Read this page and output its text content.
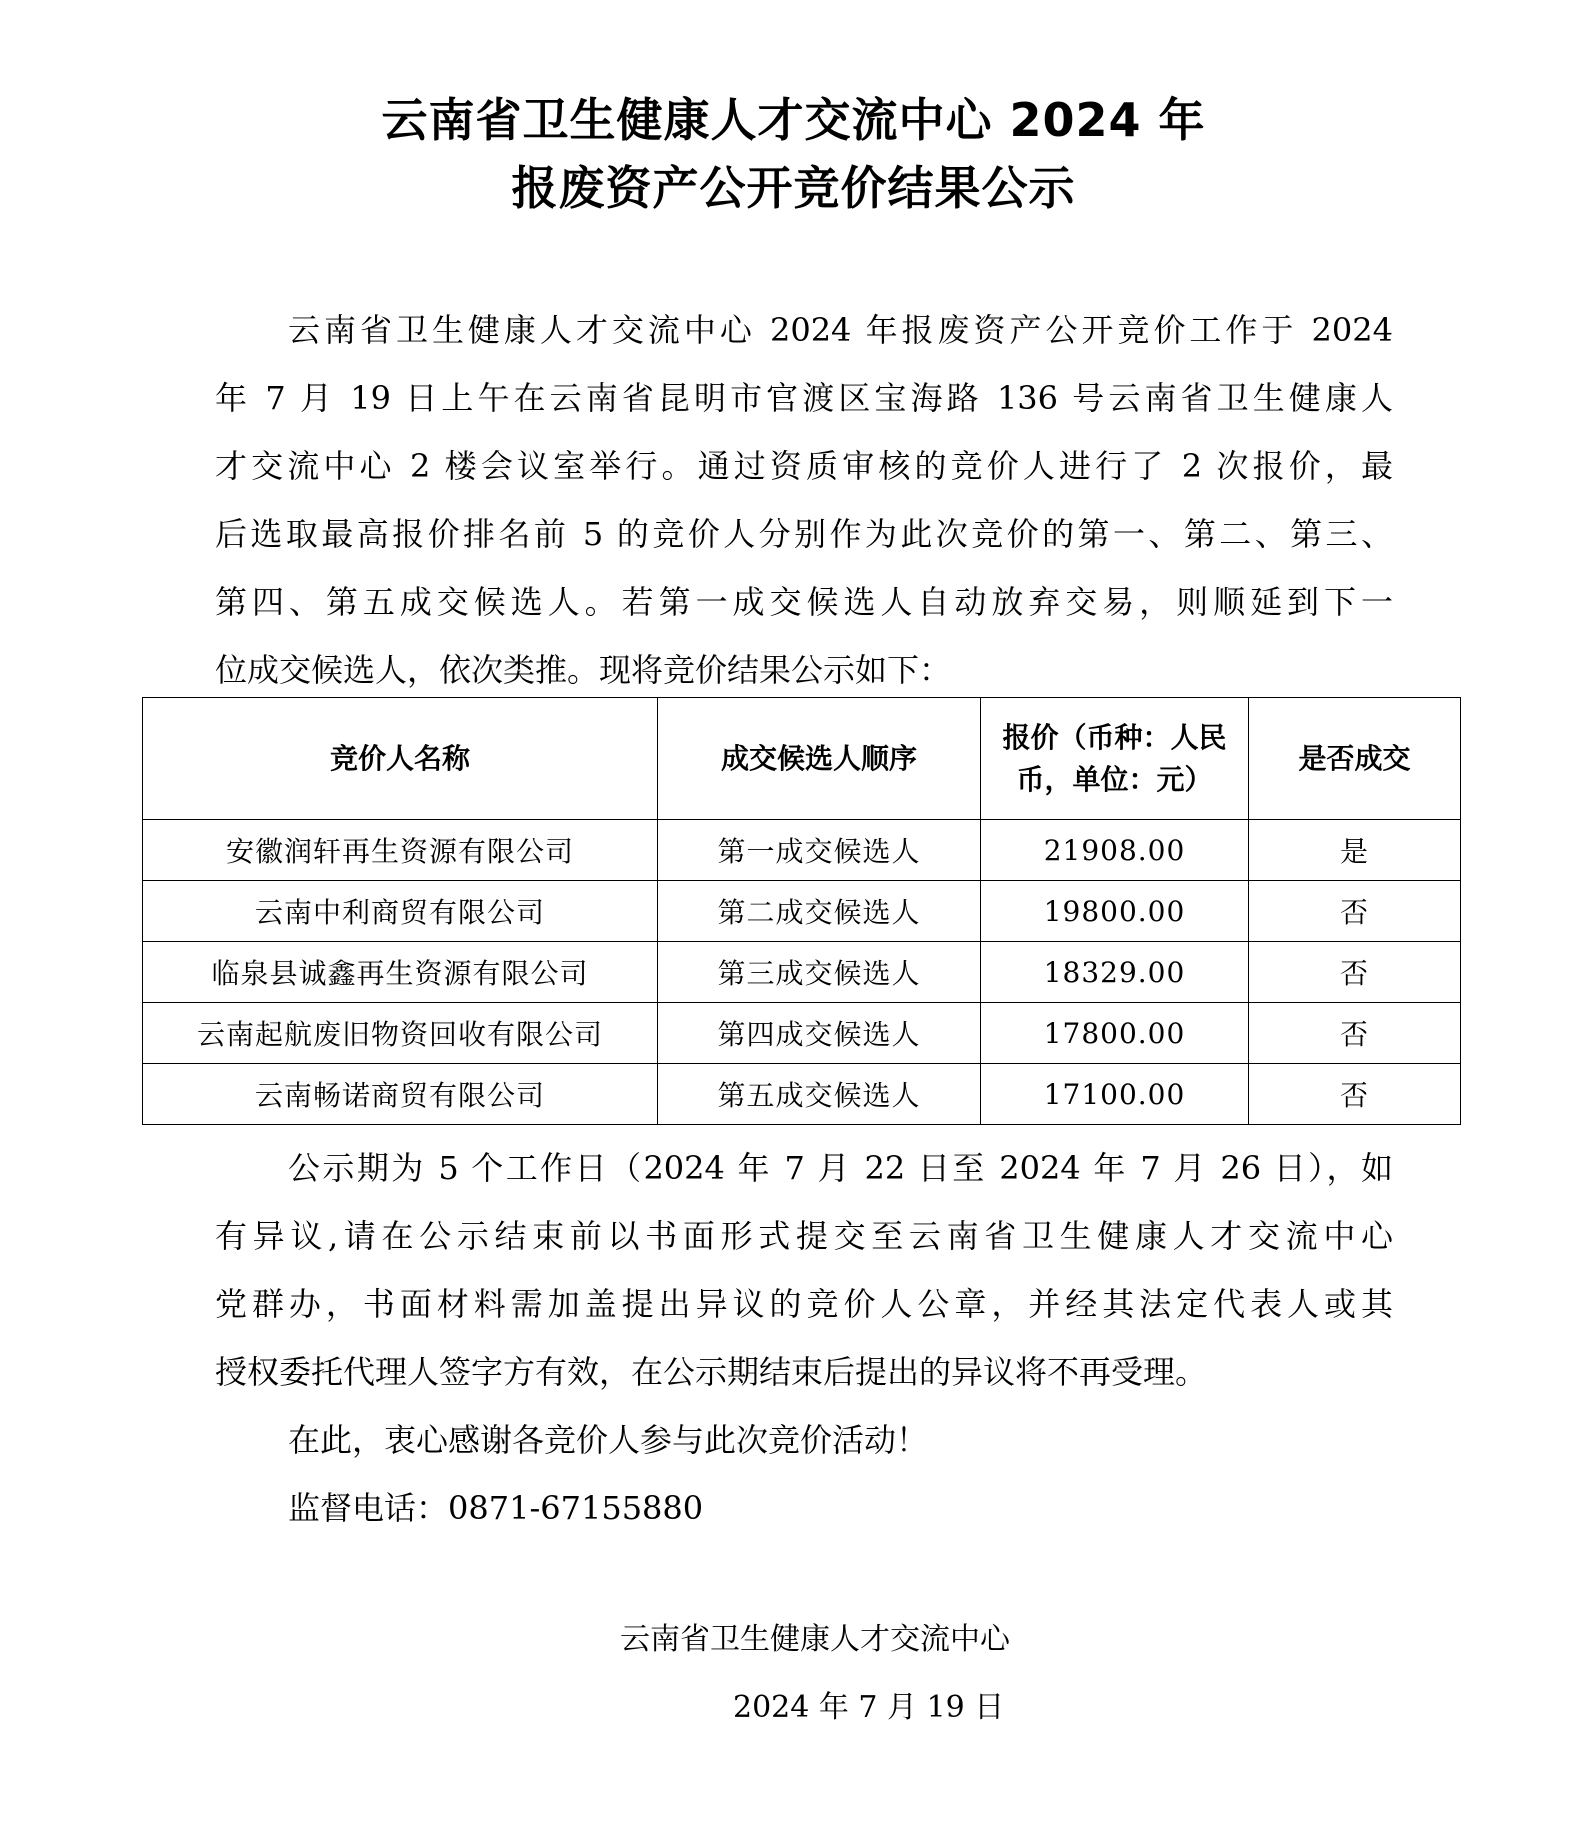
云南省卫生健康人才交流中心 2024 年
报废资产公开竞价结果公示
云南省卫生健康人才交流中心 2024 年报废资产公开竞价工作于 2024
年 7 月 19 日上午在云南省昆明市官渡区宝海路 136 号云南省卫生健康人
才交流中心 2 楼会议室举行。通过资质审核的竞价人进行了 2 次报价，最
后选取最高报价排名前 5 的竞价人分别作为此次竞价的第一、第二、第三、
第四、第五成交候选人。若第一成交候选人自动放弃交易，则顺延到下一
位成交候选人，依次类推。现将竞价结果公示如下：
竞价人名称	成交候选人顺序	报价（币种：人民币，单位：元）	是否成交
安徽润轩再生资源有限公司	第一成交候选人	21908.00	是
云南中利商贸有限公司	第二成交候选人	19800.00	否
临泉县诚鑫再生资源有限公司	第三成交候选人	18329.00	否
云南起航废旧物资回收有限公司	第四成交候选人	17800.00	否
云南畅诺商贸有限公司	第五成交候选人	17100.00	否
公示期为 5 个工作日（2024 年 7 月 22 日至 2024 年 7 月 26 日），如
有异议,请在公示结束前以书面形式提交至云南省卫生健康人才交流中心
党群办，书面材料需加盖提出异议的竞价人公章，并经其法定代表人或其
授权委托代理人签字方有效，在公示期结束后提出的异议将不再受理。
在此，衷心感谢各竞价人参与此次竞价活动！
监督电话：0871-67155880
云南省卫生健康人才交流中心
2024 年 7 月 19 日
